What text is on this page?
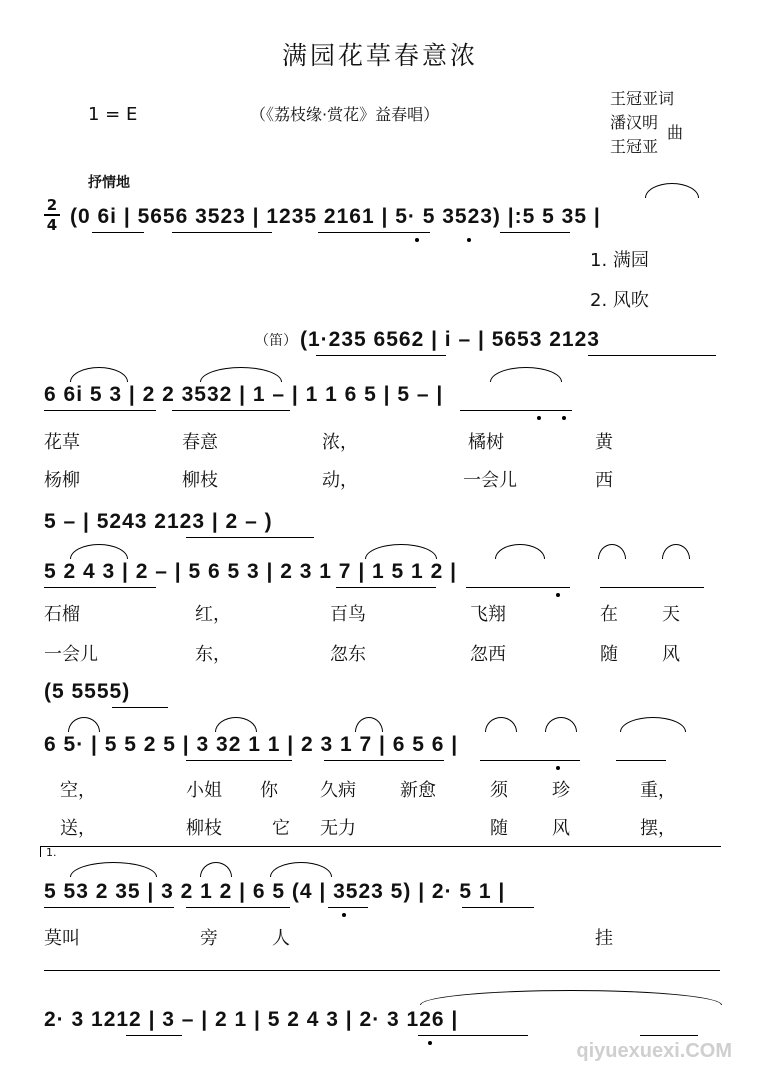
满园花草春意浓
1 = E	（《荔枝缘·赏花》益春唱）
王冠亚词
潘汉明
王冠亚
曲
抒情地
2
4 (0 6i | 5656 3523 | 1235 2161 | 5· 5 3523) |:5 5 35 |
1. 满园
2. 风吹
（笛） (1·235 6562 | i – | 5653 2123
6 6i 5 3 | 2 2 3532 | 1 – | 1 1 6 5 | 5 – |
花草	春意	浓，	橘树	黄
杨柳	柳枝	动，	一会儿	西
5 – | 5243 2123 | 2 – )
5 2 4 3 | 2 – | 5 6 5 3 | 2 3 1 7 | 1 5 1 2 |
石榴	红，	百鸟	飞翔	在 天
一会儿	东，	忽东	忽西	随 风
(5 5555)
6 5· | 5 5 2 5 | 3 32 1 1 | 2 3 1 7 | 6 5 6 |
空，	小姐 你 久病 新愈	须 珍	重，
送，	柳枝	它 无力	随 风	摆，
1.
5 53 2 35 | 3 2 1 2 | 6 5 (4 | 3523 5) | 2· 5 1 |
莫叫	旁	人	挂
2· 3 1212 | 3 – | 2 1 | 5 2 4 3 | 2· 3 126 |
qiyuexuexi.COM
